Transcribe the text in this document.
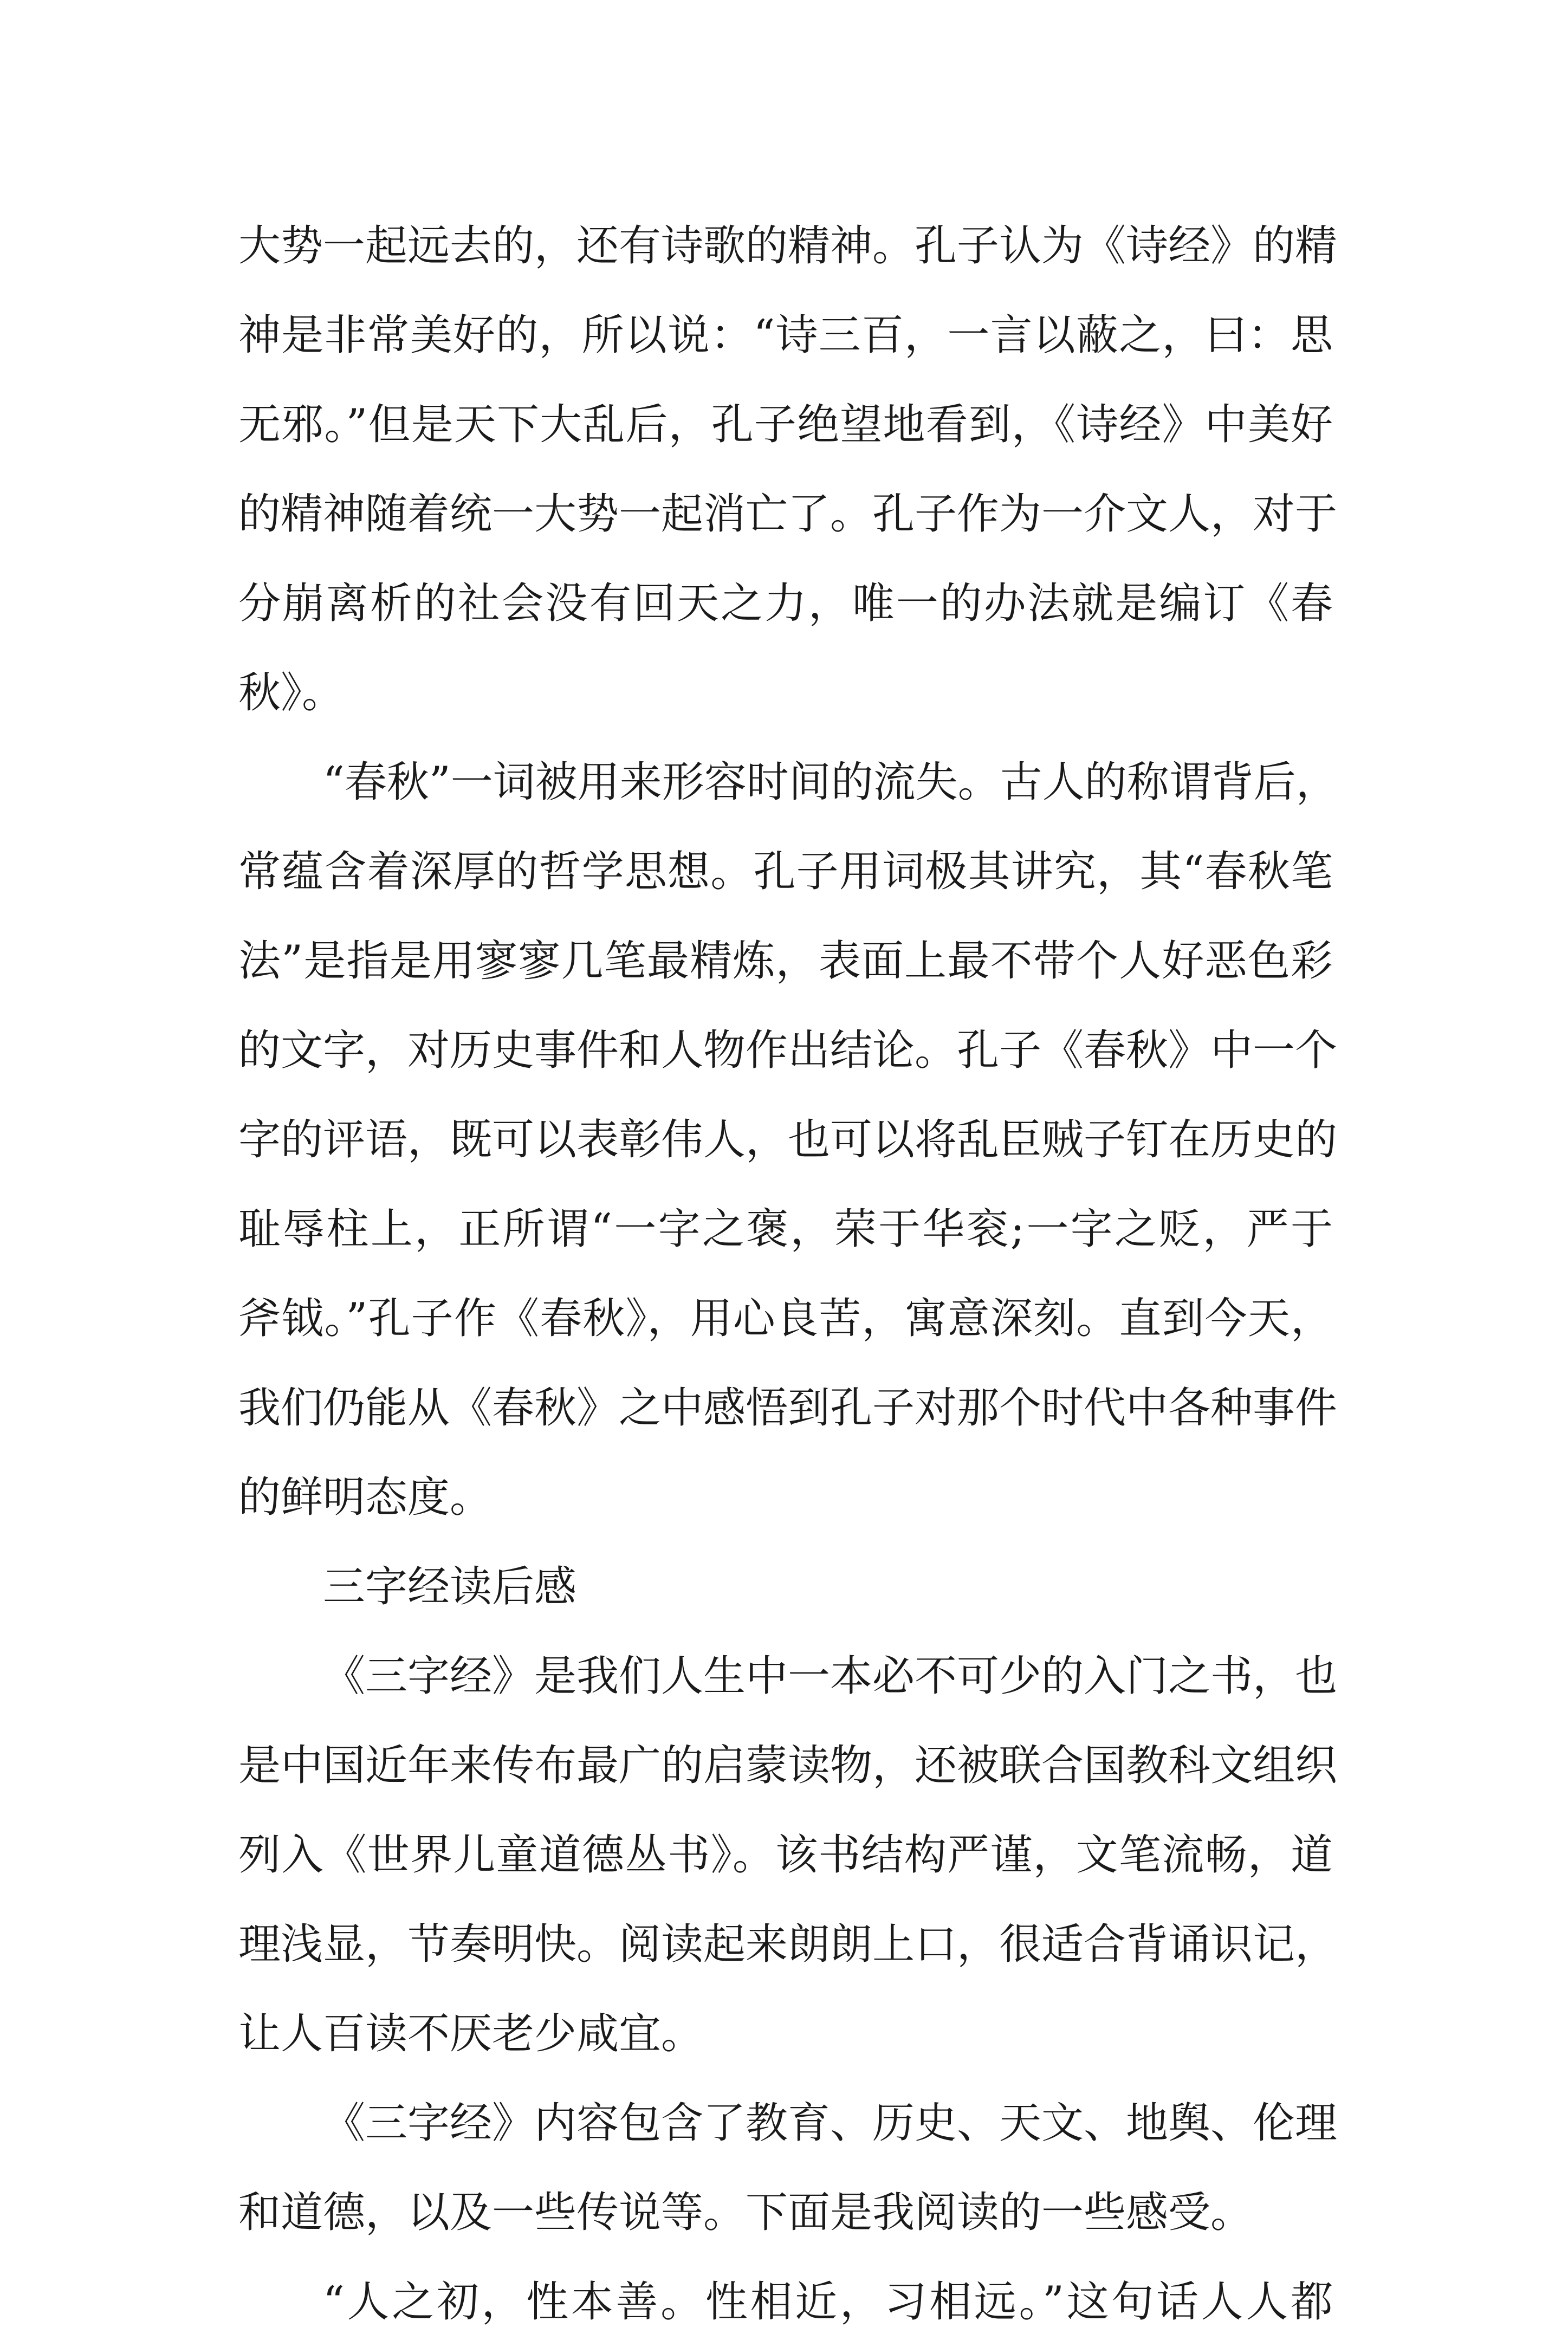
大势一起远去的，还有诗歌的精神。孔子认为《诗经》的精
神是非常美好的，所以说：“诗三百，一言以蔽之，曰：思
无邪。”但是天下大乱后，孔子绝望地看到，《诗经》中美好
的精神随着统一大势一起消亡了。孔子作为一介文人，对于
分崩离析的社会没有回天之力，唯一的办法就是编订《春
秋》。
“春秋”一词被用来形容时间的流失。古人的称谓背后，
常蕴含着深厚的哲学思想。孔子用词极其讲究，其“春秋笔
法”是指是用寥寥几笔最精炼，表面上最不带个人好恶色彩
的文字，对历史事件和人物作出结论。孔子《春秋》中一个
字的评语，既可以表彰伟人，也可以将乱臣贼子钉在历史的
耻辱柱上，正所谓“一字之褒，荣于华衮;一字之贬，严于
斧钺。”孔子作《春秋》，用心良苦，寓意深刻。直到今天，
我们仍能从《春秋》之中感悟到孔子对那个时代中各种事件
的鲜明态度。
三字经读后感
《三字经》是我们人生中一本必不可少的入门之书，也
是中国近年来传布最广的启蒙读物，还被联合国教科文组织
列入《世界儿童道德丛书》。该书结构严谨，文笔流畅，道
理浅显，节奏明快。阅读起来朗朗上口，很适合背诵识记，
让人百读不厌老少咸宜。
《三字经》内容包含了教育、历史、天文、地舆、伦理
和道德，以及一些传说等。下面是我阅读的一些感受。
“人之初，性本善。性相近，习相远。”这句话人人都
